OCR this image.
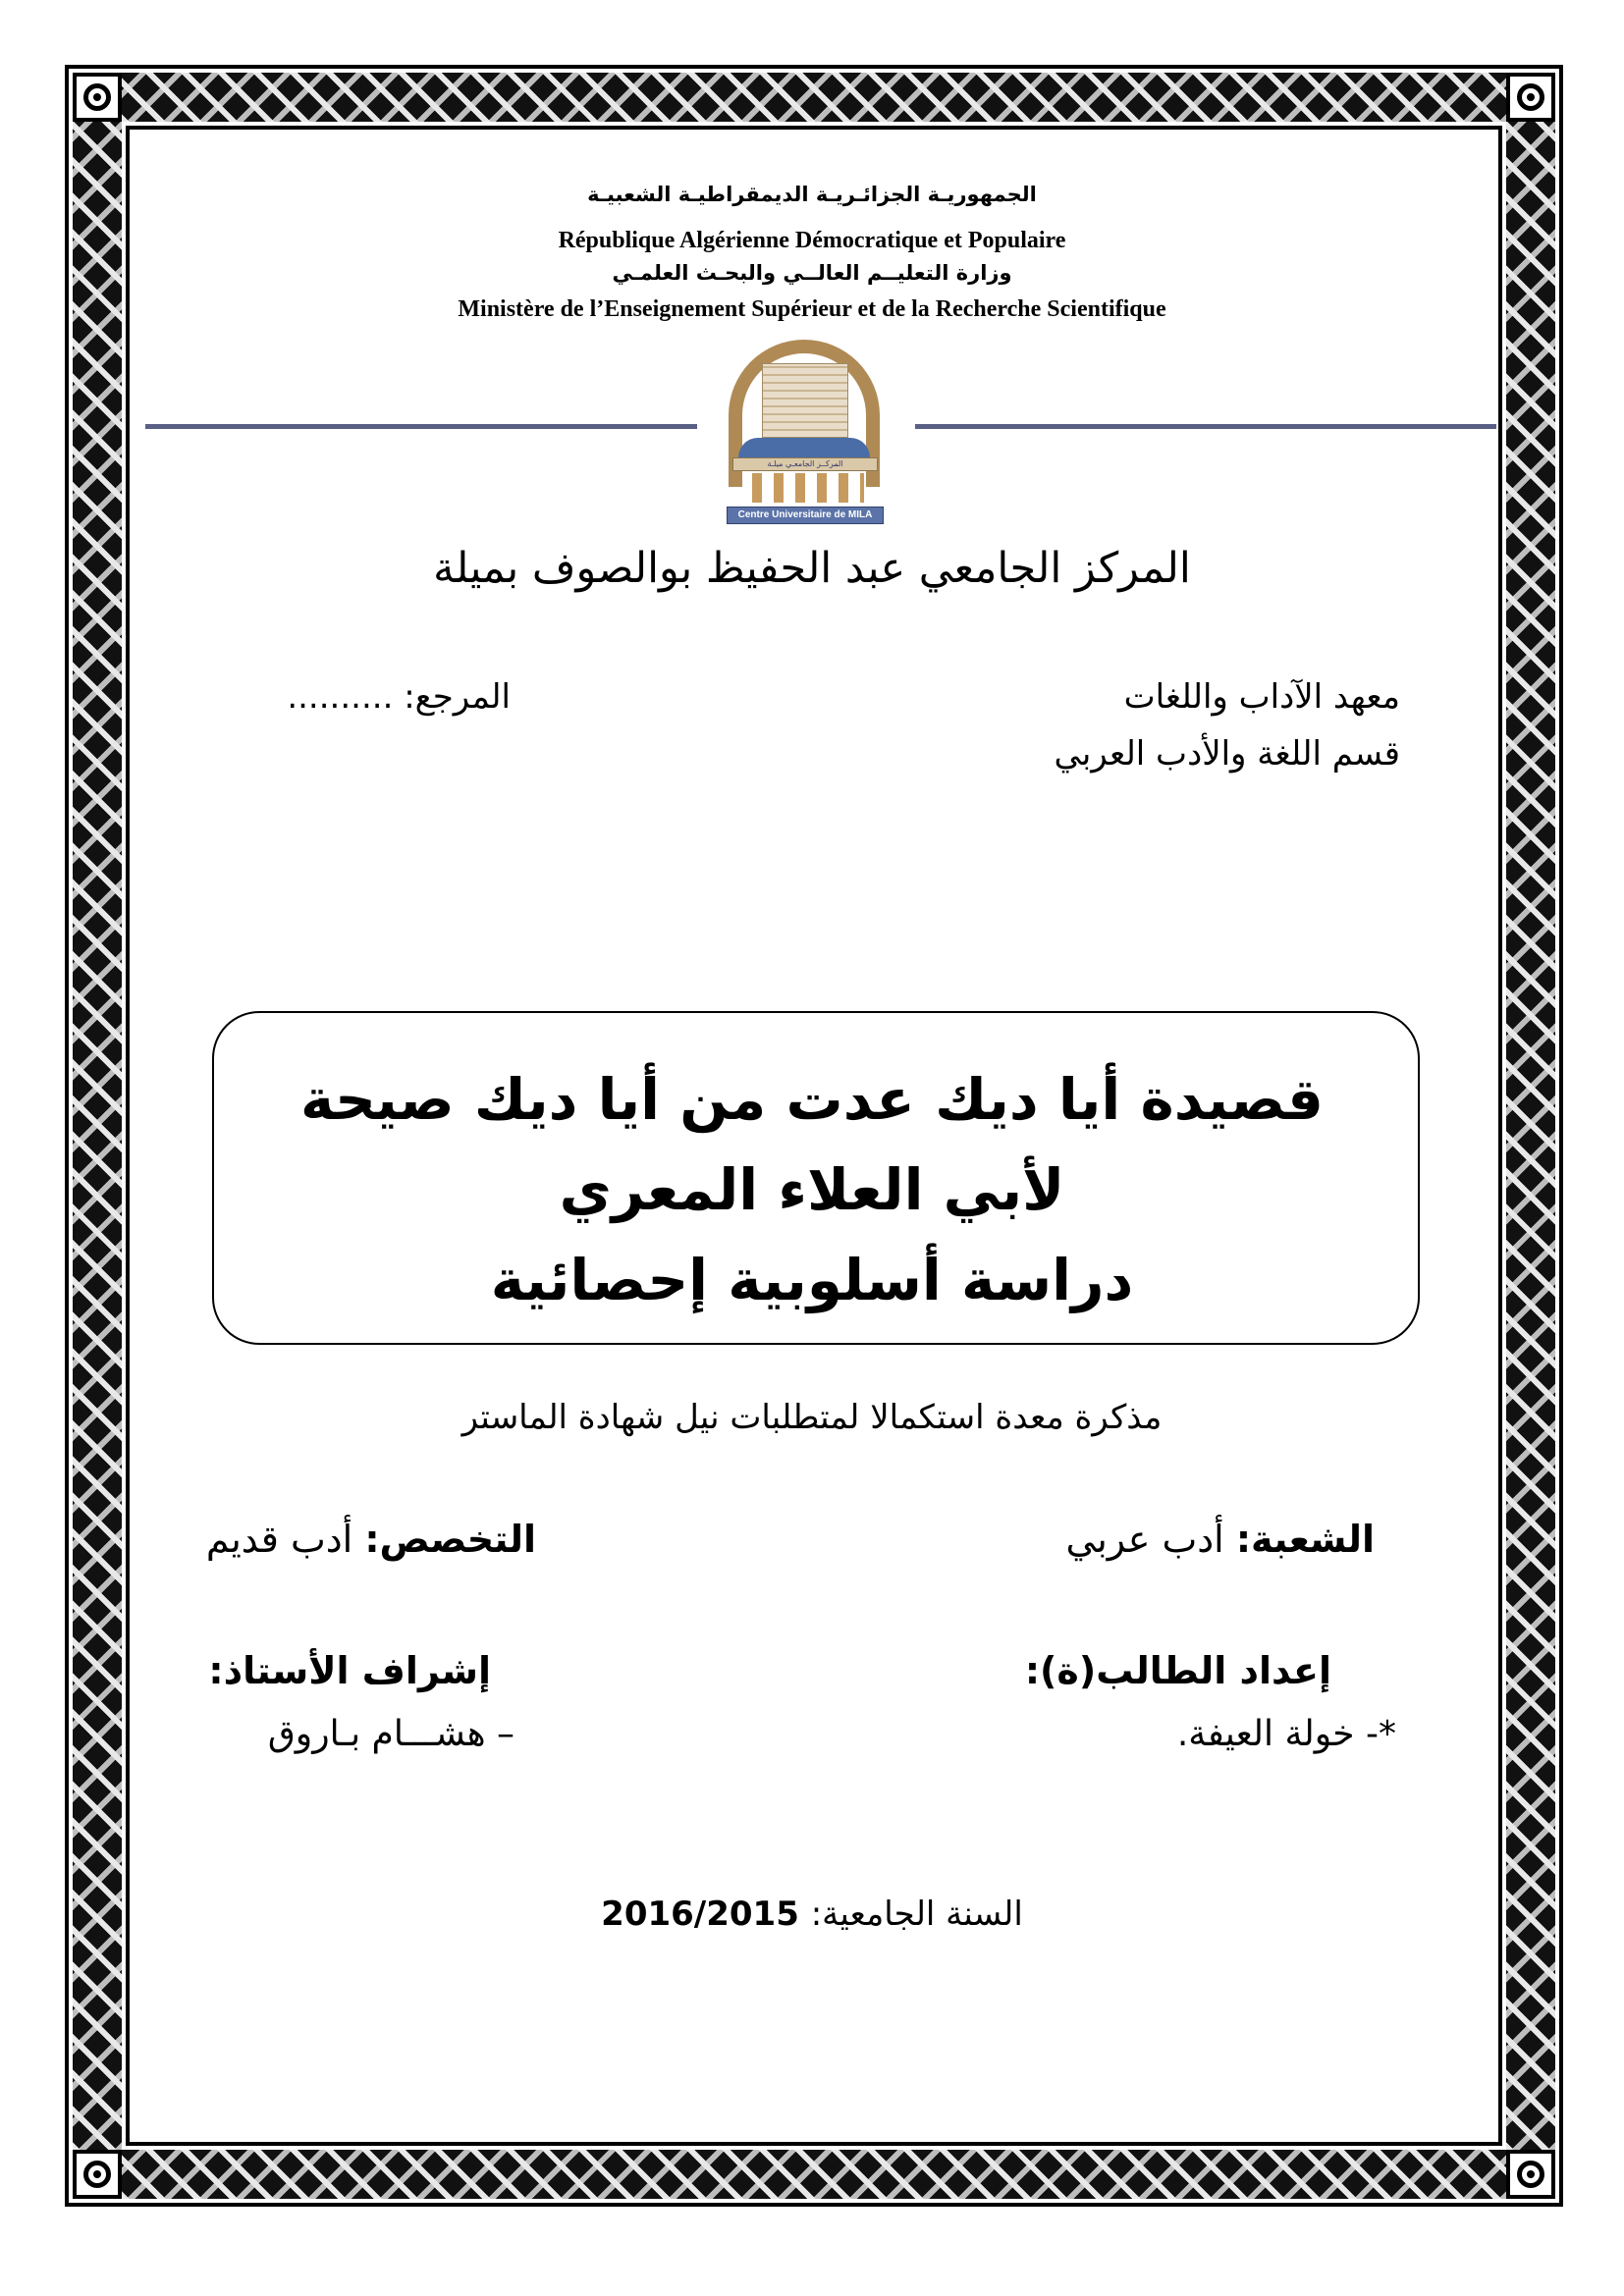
الجمهوريـة الجزائـريـة الديمقراطيـة الشعبيـة
République Algérienne Démocratique et Populaire
وزارة التعليــم العالــي والبحـث العلمـي
Ministère de l’Enseignement Supérieur et de la Recherche Scientifique
المركــز الجامعـي ميلـة
Centre Universitaire de MILA
المركز الجامعي عبد الحفيظ بوالصوف بميلة
معهد الآداب واللغات
قسم اللغة والأدب العربي
المرجع: ..........
قصيدة أيا ديك عدت من أيا ديك صيحة
لأبي العلاء المعري
دراسة أسلوبية إحصائية
مذكرة معدة استكمالا لمتطلبات نيل شهادة الماستر
الشعبة: أدب عربي
التخصص: أدب قديم
إعداد الطالب(ة):
*- خولة العيفة.
إشراف الأستاذ:
– هشـــام بـاروق
السنة الجامعية: 2016/2015
